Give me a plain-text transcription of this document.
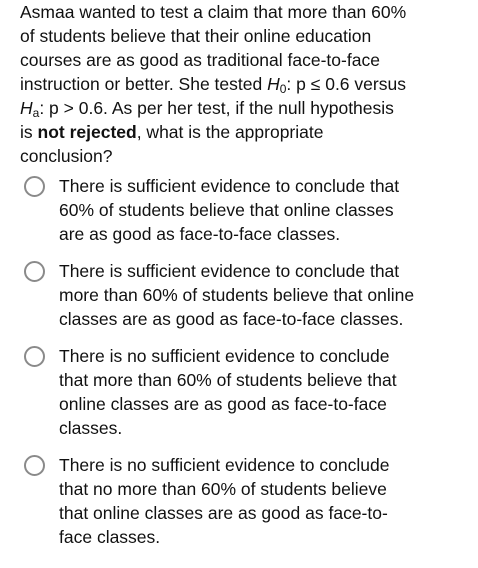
Asmaa wanted to test a claim that more than 60%
of students believe that their online education
courses are as good as traditional face-to-face
instruction or better. She tested $H_0$: p ≤ 0.6 versus
$H_a$: p > 0.6. As per her test, if the null hypothesis
is not rejected, what is the appropriate
conclusion?
There is sufficient evidence to conclude that
60% of students believe that online classes
are as good as face-to-face classes.
There is sufficient evidence to conclude that
more than 60% of students believe that online
classes are as good as face-to-face classes.
There is no sufficient evidence to conclude
that more than 60% of students believe that
online classes are as good as face-to-face
classes.
There is no sufficient evidence to conclude
that no more than 60% of students believe
that online classes are as good as face-to-
face classes.
